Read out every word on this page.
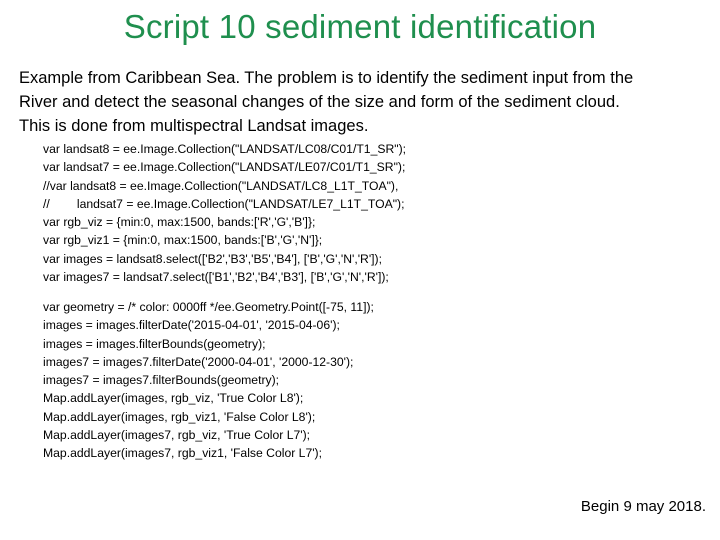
Script 10 sediment identification
Example from Caribbean Sea. The problem is to identify the sediment input from the
River and detect the seasonal changes of the size and form of the sediment cloud.
This is done from multispectral Landsat images.
var landsat8 = ee.Image.Collection("LANDSAT/LC08/C01/T1_SR");
var landsat7 = ee.Image.Collection("LANDSAT/LE07/C01/T1_SR");
//var landsat8 = ee.Image.Collection("LANDSAT/LC8_L1T_TOA"),
//        landsat7 = ee.Image.Collection("LANDSAT/LE7_L1T_TOA");
var rgb_viz = {min:0, max:1500, bands:['R','G','B']};
var rgb_viz1 = {min:0, max:1500, bands:['B','G','N']};
var images = landsat8.select(['B2','B3','B5','B4'], ['B','G','N','R']);
var images7 = landsat7.select(['B1','B2','B4','B3'], ['B','G','N','R']);
var geometry = /* color: 0000ff */ee.Geometry.Point([-75, 11]);
images = images.filterDate('2015-04-01', '2015-04-06');
images = images.filterBounds(geometry);
images7 = images7.filterDate('2000-04-01', '2000-12-30');
images7 = images7.filterBounds(geometry);
Map.addLayer(images, rgb_viz, 'True Color L8');
Map.addLayer(images, rgb_viz1, 'False Color L8');
Map.addLayer(images7, rgb_viz, 'True Color L7');
Map.addLayer(images7, rgb_viz1, 'False Color L7');
Begin 9 may 2018.
